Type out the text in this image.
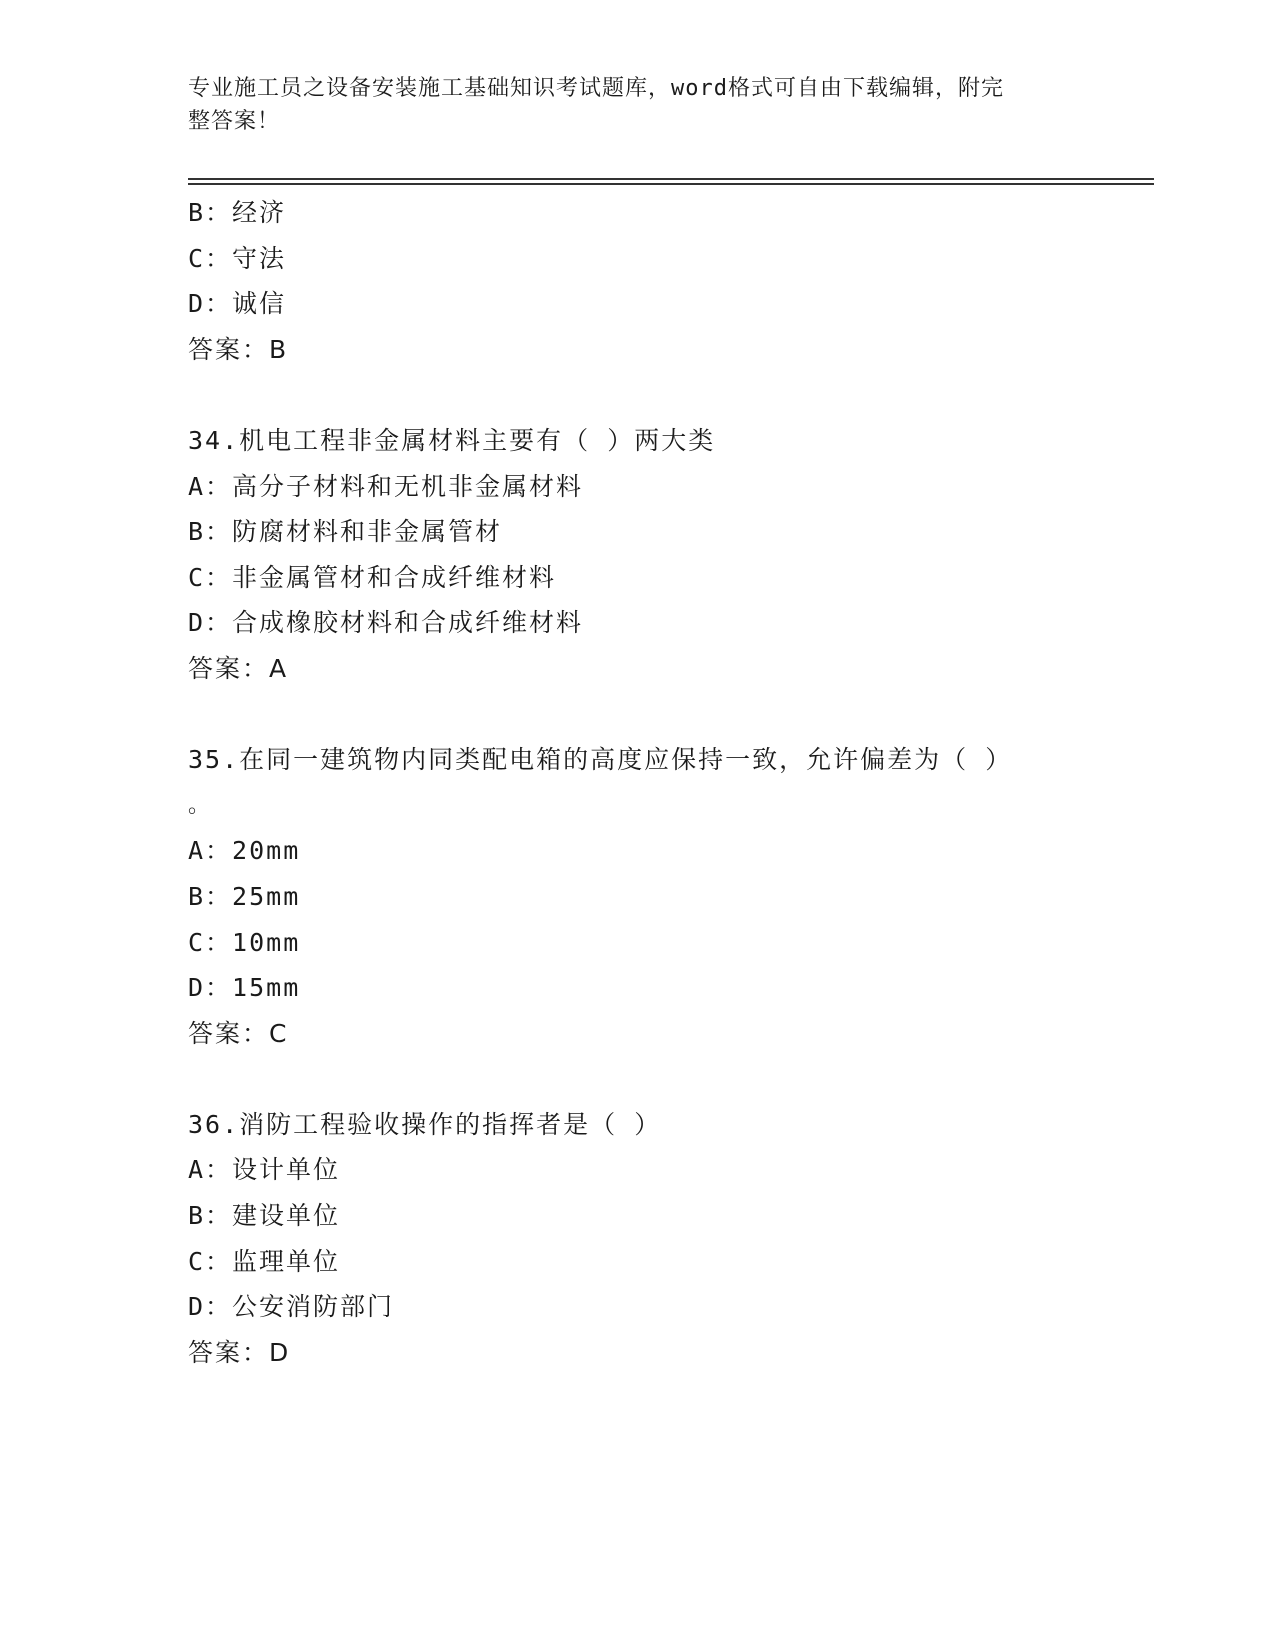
专业施工员之设备安装施工基础知识考试题库，word格式可自由下载编辑，附完
整答案！
B：经济
C：守法
D：诚信
答案：B
34.机电工程非金属材料主要有（ ）两大类
A：高分子材料和无机非金属材料
B：防腐材料和非金属管材
C：非金属管材和合成纤维材料
D：合成橡胶材料和合成纤维材料
答案：A
35.在同一建筑物内同类配电箱的高度应保持一致，允许偏差为（ ）
。
A：20mm
B：25mm
C：10mm
D：15mm
答案：C
36.消防工程验收操作的指挥者是（ ）
A：设计单位
B：建设单位
C：监理单位
D：公安消防部门
答案：D
